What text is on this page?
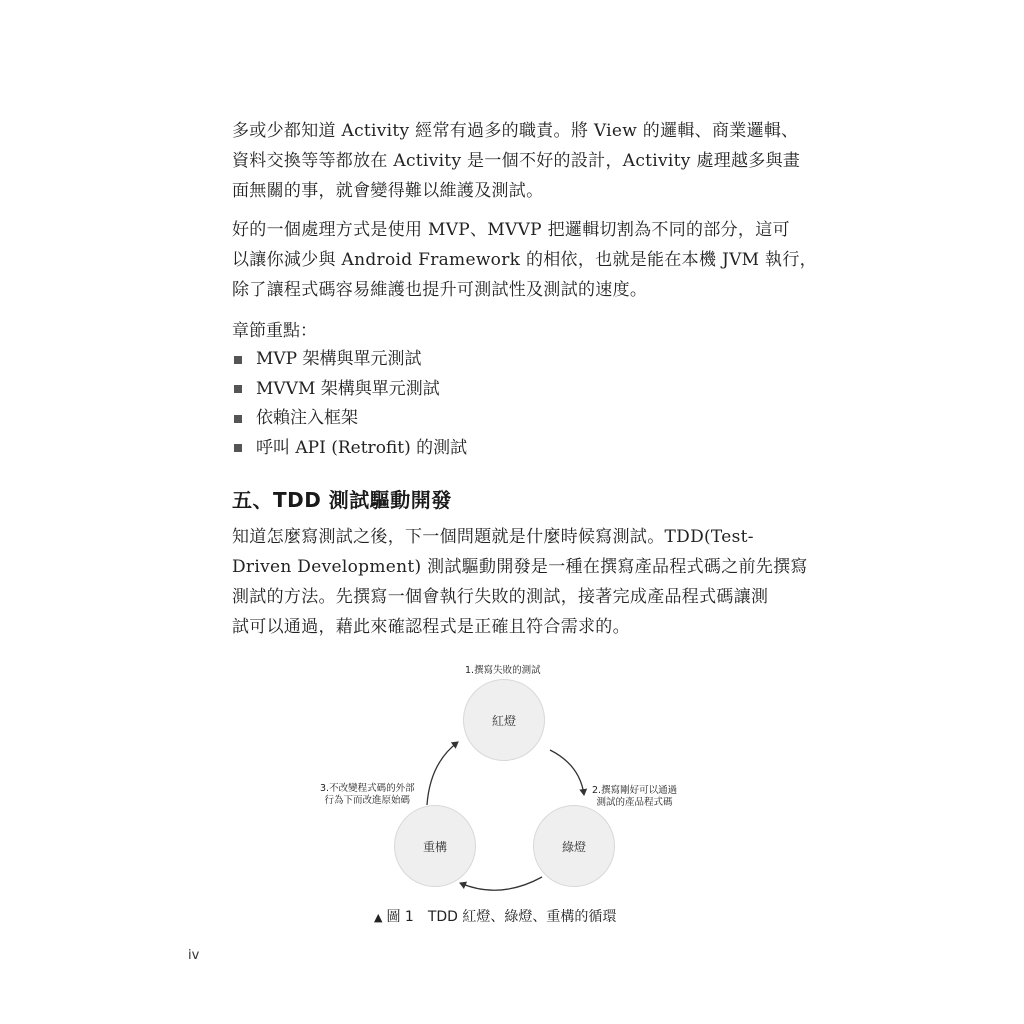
多或少都知道 Activity 經常有過多的職責。將 View 的邏輯、商業邏輯、
資料交換等等都放在 Activity 是一個不好的設計，Activity 處理越多與畫
面無關的事，就會變得難以維護及測試。
好的一個處理方式是使用 MVP、MVVP 把邏輯切割為不同的部分，這可
以讓你減少與 Android Framework 的相依，也就是能在本機 JVM 執行，
除了讓程式碼容易維護也提升可測試性及測試的速度。

章節重點：

MVP 架構與單元測試
MVVM 架構與單元測試
依賴注入框架
呼叫 API (Retrofit) 的測試
五、TDD 測試驅動開發
知道怎麼寫測試之後，下一個問題就是什麼時候寫測試。TDD(Test-
Driven Development) 測試驅動開發是一種在撰寫產品程式碼之前先撰寫
測試的方法。先撰寫一個會執行失敗的測試，接著完成產品程式碼讓測
試可以通過，藉此來確認程式是正確且符合需求的。
1.撰寫失敗的測試
紅燈
2.撰寫剛好可以通過
測試的產品程式碼
3.不改變程式碼的外部
行為下而改進原始碼
重構	綠燈

▲ 圖 1 TDD 紅燈、綠燈、重構的循環

iv
